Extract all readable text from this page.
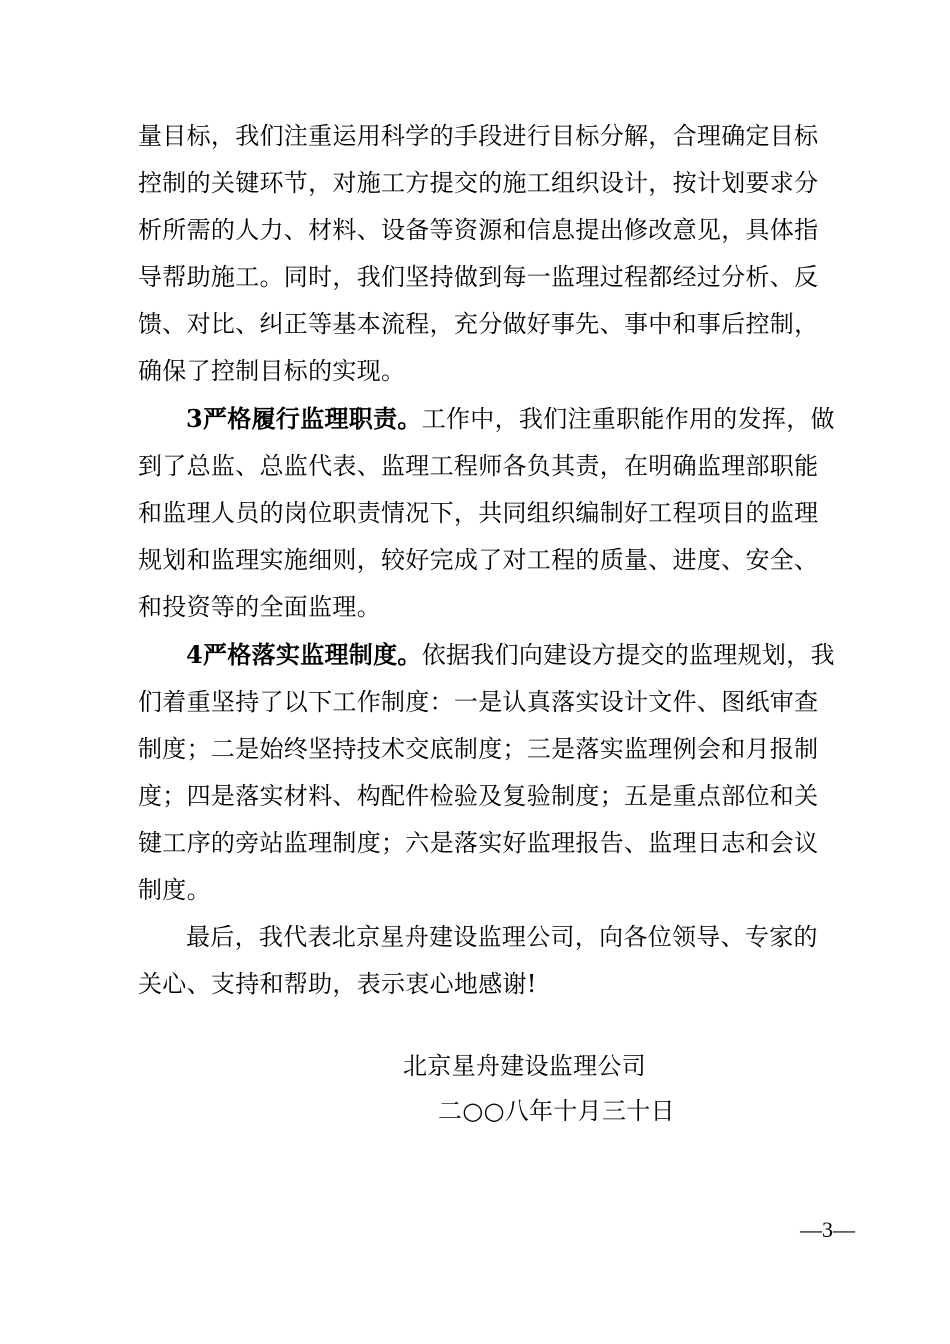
量目标，我们注重运用科学的手段进行目标分解，合理确定目标
控制的关键环节，对施工方提交的施工组织设计，按计划要求分
析所需的人力、材料、设备等资源和信息提出修改意见，具体指
导帮助施工。同时，我们坚持做到每一监理过程都经过分析、反
馈、对比、纠正等基本流程，充分做好事先、事中和事后控制，
确保了控制目标的实现。

3严格履行监理职责。工作中，我们注重职能作用的发挥，做
到了总监、总监代表、监理工程师各负其责，在明确监理部职能
和监理人员的岗位职责情况下，共同组织编制好工程项目的监理
规划和监理实施细则，较好完成了对工程的质量、进度、安全、
和投资等的全面监理。

4严格落实监理制度。依据我们向建设方提交的监理规划，我
们着重坚持了以下工作制度：一是认真落实设计文件、图纸审查
制度；二是始终坚持技术交底制度；三是落实监理例会和月报制
度；四是落实材料、构配件检验及复验制度；五是重点部位和关
键工序的旁站监理制度；六是落实好监理报告、监理日志和会议
制度。

最后，我代表北京星舟建设监理公司，向各位领导、专家的
关心、支持和帮助，表示衷心地感谢!

北京星舟建设监理公司
二○○八年十月三十日
—3—
